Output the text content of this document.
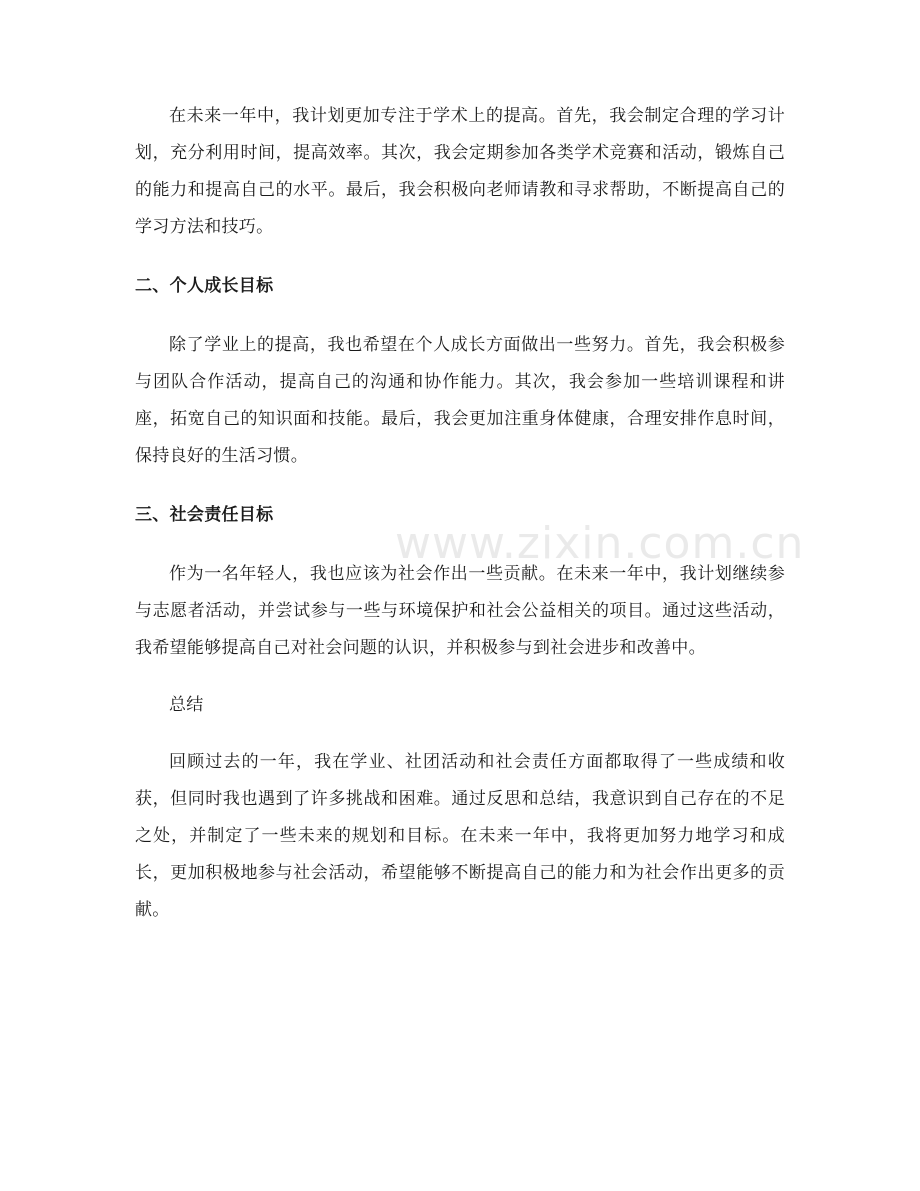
在未来一年中，我计划更加专注于学术上的提高。首先，我会制定合理的学习计划，充分利用时间，提高效率。其次，我会定期参加各类学术竞赛和活动，锻炼自己的能力和提高自己的水平。最后，我会积极向老师请教和寻求帮助，不断提高自己的学习方法和技巧。

二、个人成长目标

除了学业上的提高，我也希望在个人成长方面做出一些努力。首先，我会积极参与团队合作活动，提高自己的沟通和协作能力。其次，我会参加一些培训课程和讲座，拓宽自己的知识面和技能。最后，我会更加注重身体健康，合理安排作息时间，保持良好的生活习惯。

三、社会责任目标

作为一名年轻人，我也应该为社会作出一些贡献。在未来一年中，我计划继续参与志愿者活动，并尝试参与一些与环境保护和社会公益相关的项目。通过这些活动，我希望能够提高自己对社会问题的认识，并积极参与到社会进步和改善中。

总结

回顾过去的一年，我在学业、社团活动和社会责任方面都取得了一些成绩和收获，但同时我也遇到了许多挑战和困难。通过反思和总结，我意识到自己存在的不足之处，并制定了一些未来的规划和目标。在未来一年中，我将更加努力地学习和成长，更加积极地参与社会活动，希望能够不断提高自己的能力和为社会作出更多的贡献。

www.zixin.com.cn
